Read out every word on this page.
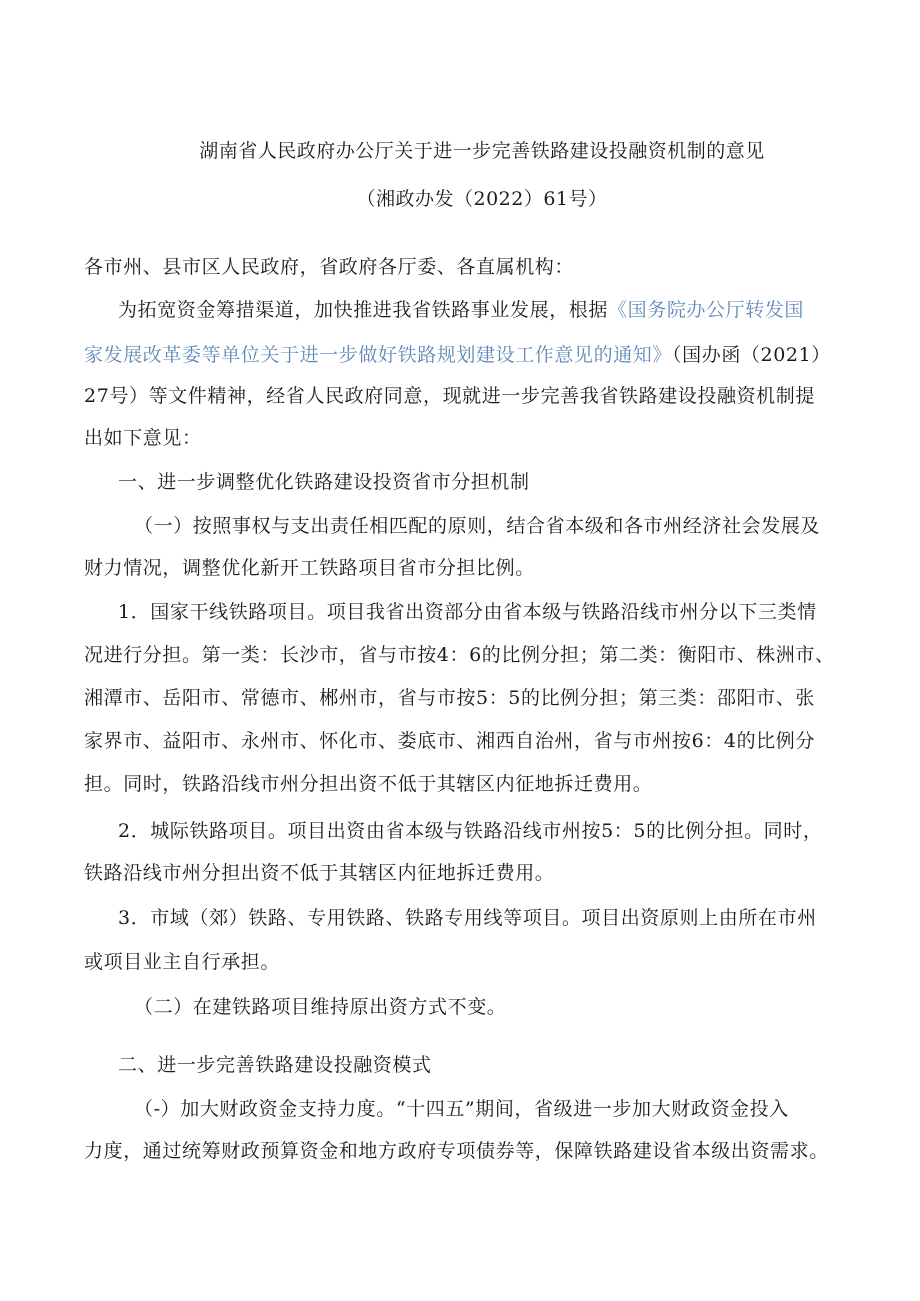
湖南省人民政府办公厅关于进一步完善铁路建设投融资机制的意见
（湘政办发（2022）61号）
各市州、县市区人民政府，省政府各厅委、各直属机构：
为拓宽资金筹措渠道，加快推进我省铁路事业发展，根据《国务院办公厅转发国
家发展改革委等单位关于进一步做好铁路规划建设工作意见的通知》（国办函（2021）
27号）等文件精神，经省人民政府同意，现就进一步完善我省铁路建设投融资机制提
出如下意见：
一、进一步调整优化铁路建设投资省市分担机制
（一）按照事权与支出责任相匹配的原则，结合省本级和各市州经济社会发展及
财力情况，调整优化新开工铁路项目省市分担比例。
1．国家干线铁路项目。项目我省出资部分由省本级与铁路沿线市州分以下三类情
况进行分担。第一类：长沙市，省与市按4：6的比例分担；第二类：衡阳市、株洲市、
湘潭市、岳阳市、常德市、郴州市，省与市按5：5的比例分担；第三类：邵阳市、张
家界市、益阳市、永州市、怀化市、娄底市、湘西自治州，省与市州按6：4的比例分
担。同时，铁路沿线市州分担出资不低于其辖区内征地拆迁费用。
2．城际铁路项目。项目出资由省本级与铁路沿线市州按5：5的比例分担。同时，
铁路沿线市州分担出资不低于其辖区内征地拆迁费用。
3．市域（郊）铁路、专用铁路、铁路专用线等项目。项目出资原则上由所在市州
或项目业主自行承担。
（二）在建铁路项目维持原出资方式不变。
二、进一步完善铁路建设投融资模式
（-）加大财政资金支持力度。“十四五”期间，省级进一步加大财政资金投入
力度，通过统筹财政预算资金和地方政府专项债券等，保障铁路建设省本级出资需求。
